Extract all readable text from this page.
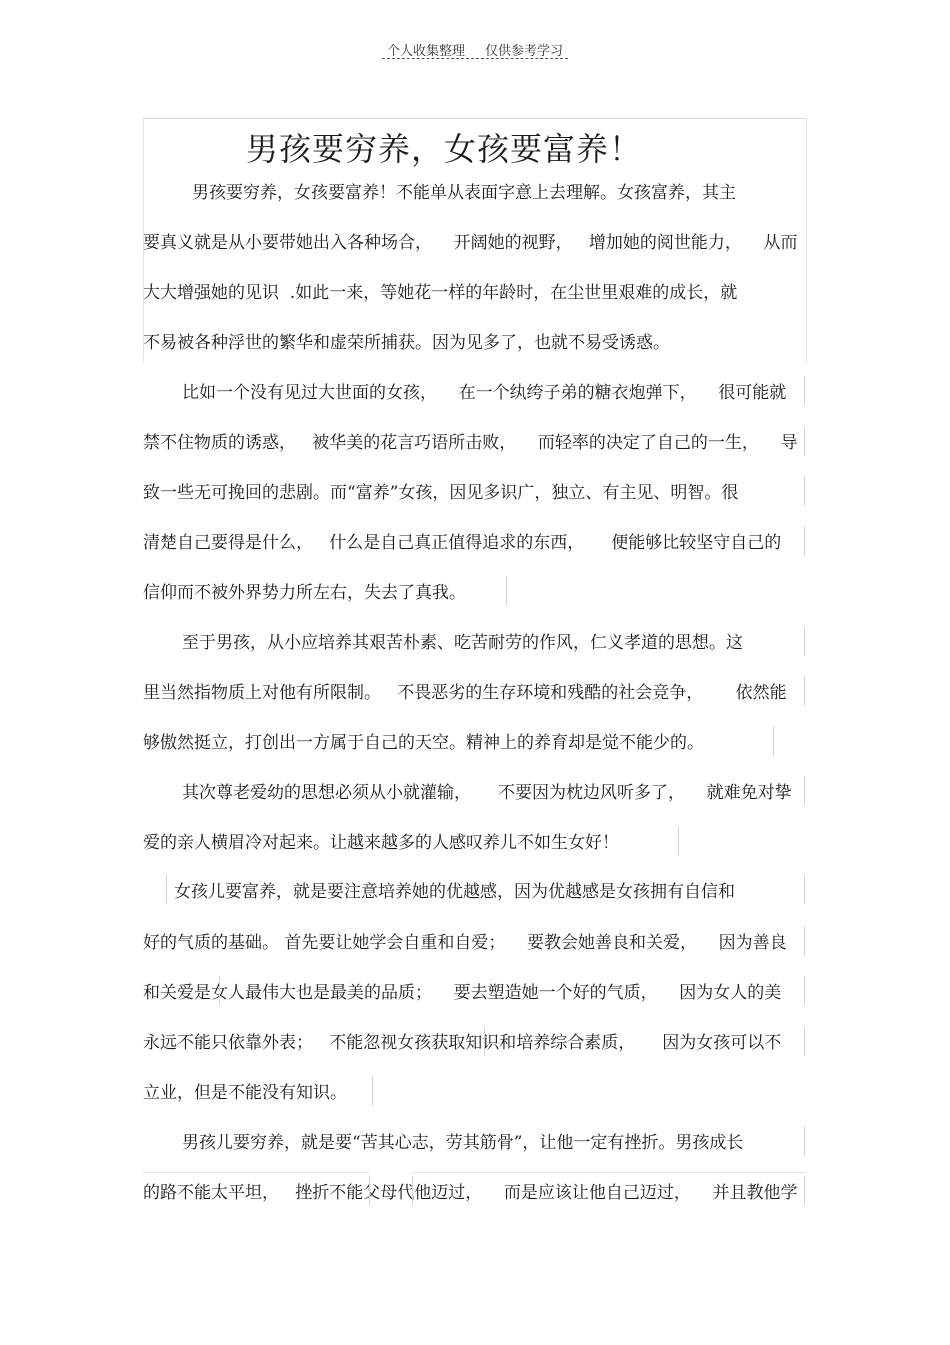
个人收集整理 仅供参考学习
男孩要穷养，女孩要富养！
男孩要穷养，女孩要富养！不能单从表面字意上去理解。女孩富养，其主
要真义就是从小要带她出入各种场合，    开阔她的视野，   增加她的阅世能力，    从而
大大增强她的见识  .如此一来，等她花一样的年龄时，在尘世里艰难的成长，就
不易被各种浮世的繁华和虚荣所捕获。因为见多了，也就不易受诱惑。
比如一个没有见过大世面的女孩，    在一个纨绔子弟的糖衣炮弹下，    很可能就
禁不住物质的诱惑，   被华美的花言巧语所击败，    而轻率的决定了自己的一生，    导
致一些无可挽回的悲剧。而“富养”女孩，因见多识广，独立、有主见、明智。很
清楚自己要得是什么，   什么是自己真正值得追求的东西，     便能够比较坚守自己的
信仰而不被外界势力所左右，失去了真我。
至于男孩，从小应培养其艰苦朴素、吃苦耐劳的作风，仁义孝道的思想。这
里当然指物质上对他有所限制。   不畏恶劣的生存环境和残酷的社会竞争，      依然能
够傲然挺立，打创出一方属于自己的天空。精神上的养育却是觉不能少的。
其次尊老爱幼的思想必须从小就灌输，     不要因为枕边风听多了，    就难免对挚
爱的亲人横眉冷对起来。让越来越多的人感叹养儿不如生女好！
女孩儿要富养，就是要注意培养她的优越感，因为优越感是女孩拥有自信和
好的气质的基础。 首先要让她学会自重和自爱；    要教会她善良和关爱，    因为善良
和关爱是女人最伟大也是最美的品质；    要去塑造她一个好的气质，    因为女人的美
永远不能只依靠外表；   不能忽视女孩获取知识和培养综合素质，     因为女孩可以不
立业，但是不能没有知识。
男孩儿要穷养，就是要“苦其心志，劳其筋骨”，让他一定有挫折。男孩成长
的路不能太平坦，   挫折不能父母代他迈过，    而是应该让他自己迈过，    并且教他学
